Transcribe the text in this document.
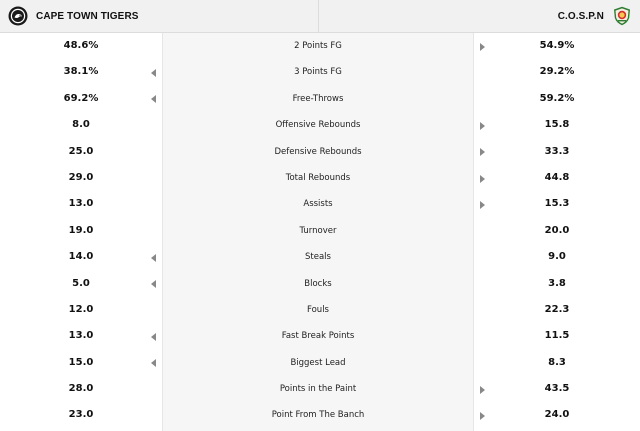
CAPE TOWN TIGERS	C.O.S.P.N
48.6%	2 Points FG	54.9%
38.1%	3 Points FG	29.2%
69.2%	Free-Throws	59.2%
8.0	Offensive Rebounds	15.8
25.0	Defensive Rebounds	33.3
29.0	Total Rebounds	44.8
13.0	Assists	15.3
19.0	Turnover	20.0
14.0	Steals	9.0
5.0	Blocks	3.8
12.0	Fouls	22.3
13.0	Fast Break Points	11.5
15.0	Biggest Lead	8.3
28.0	Points in the Paint	43.5
23.0	Point From The Banch	24.0
